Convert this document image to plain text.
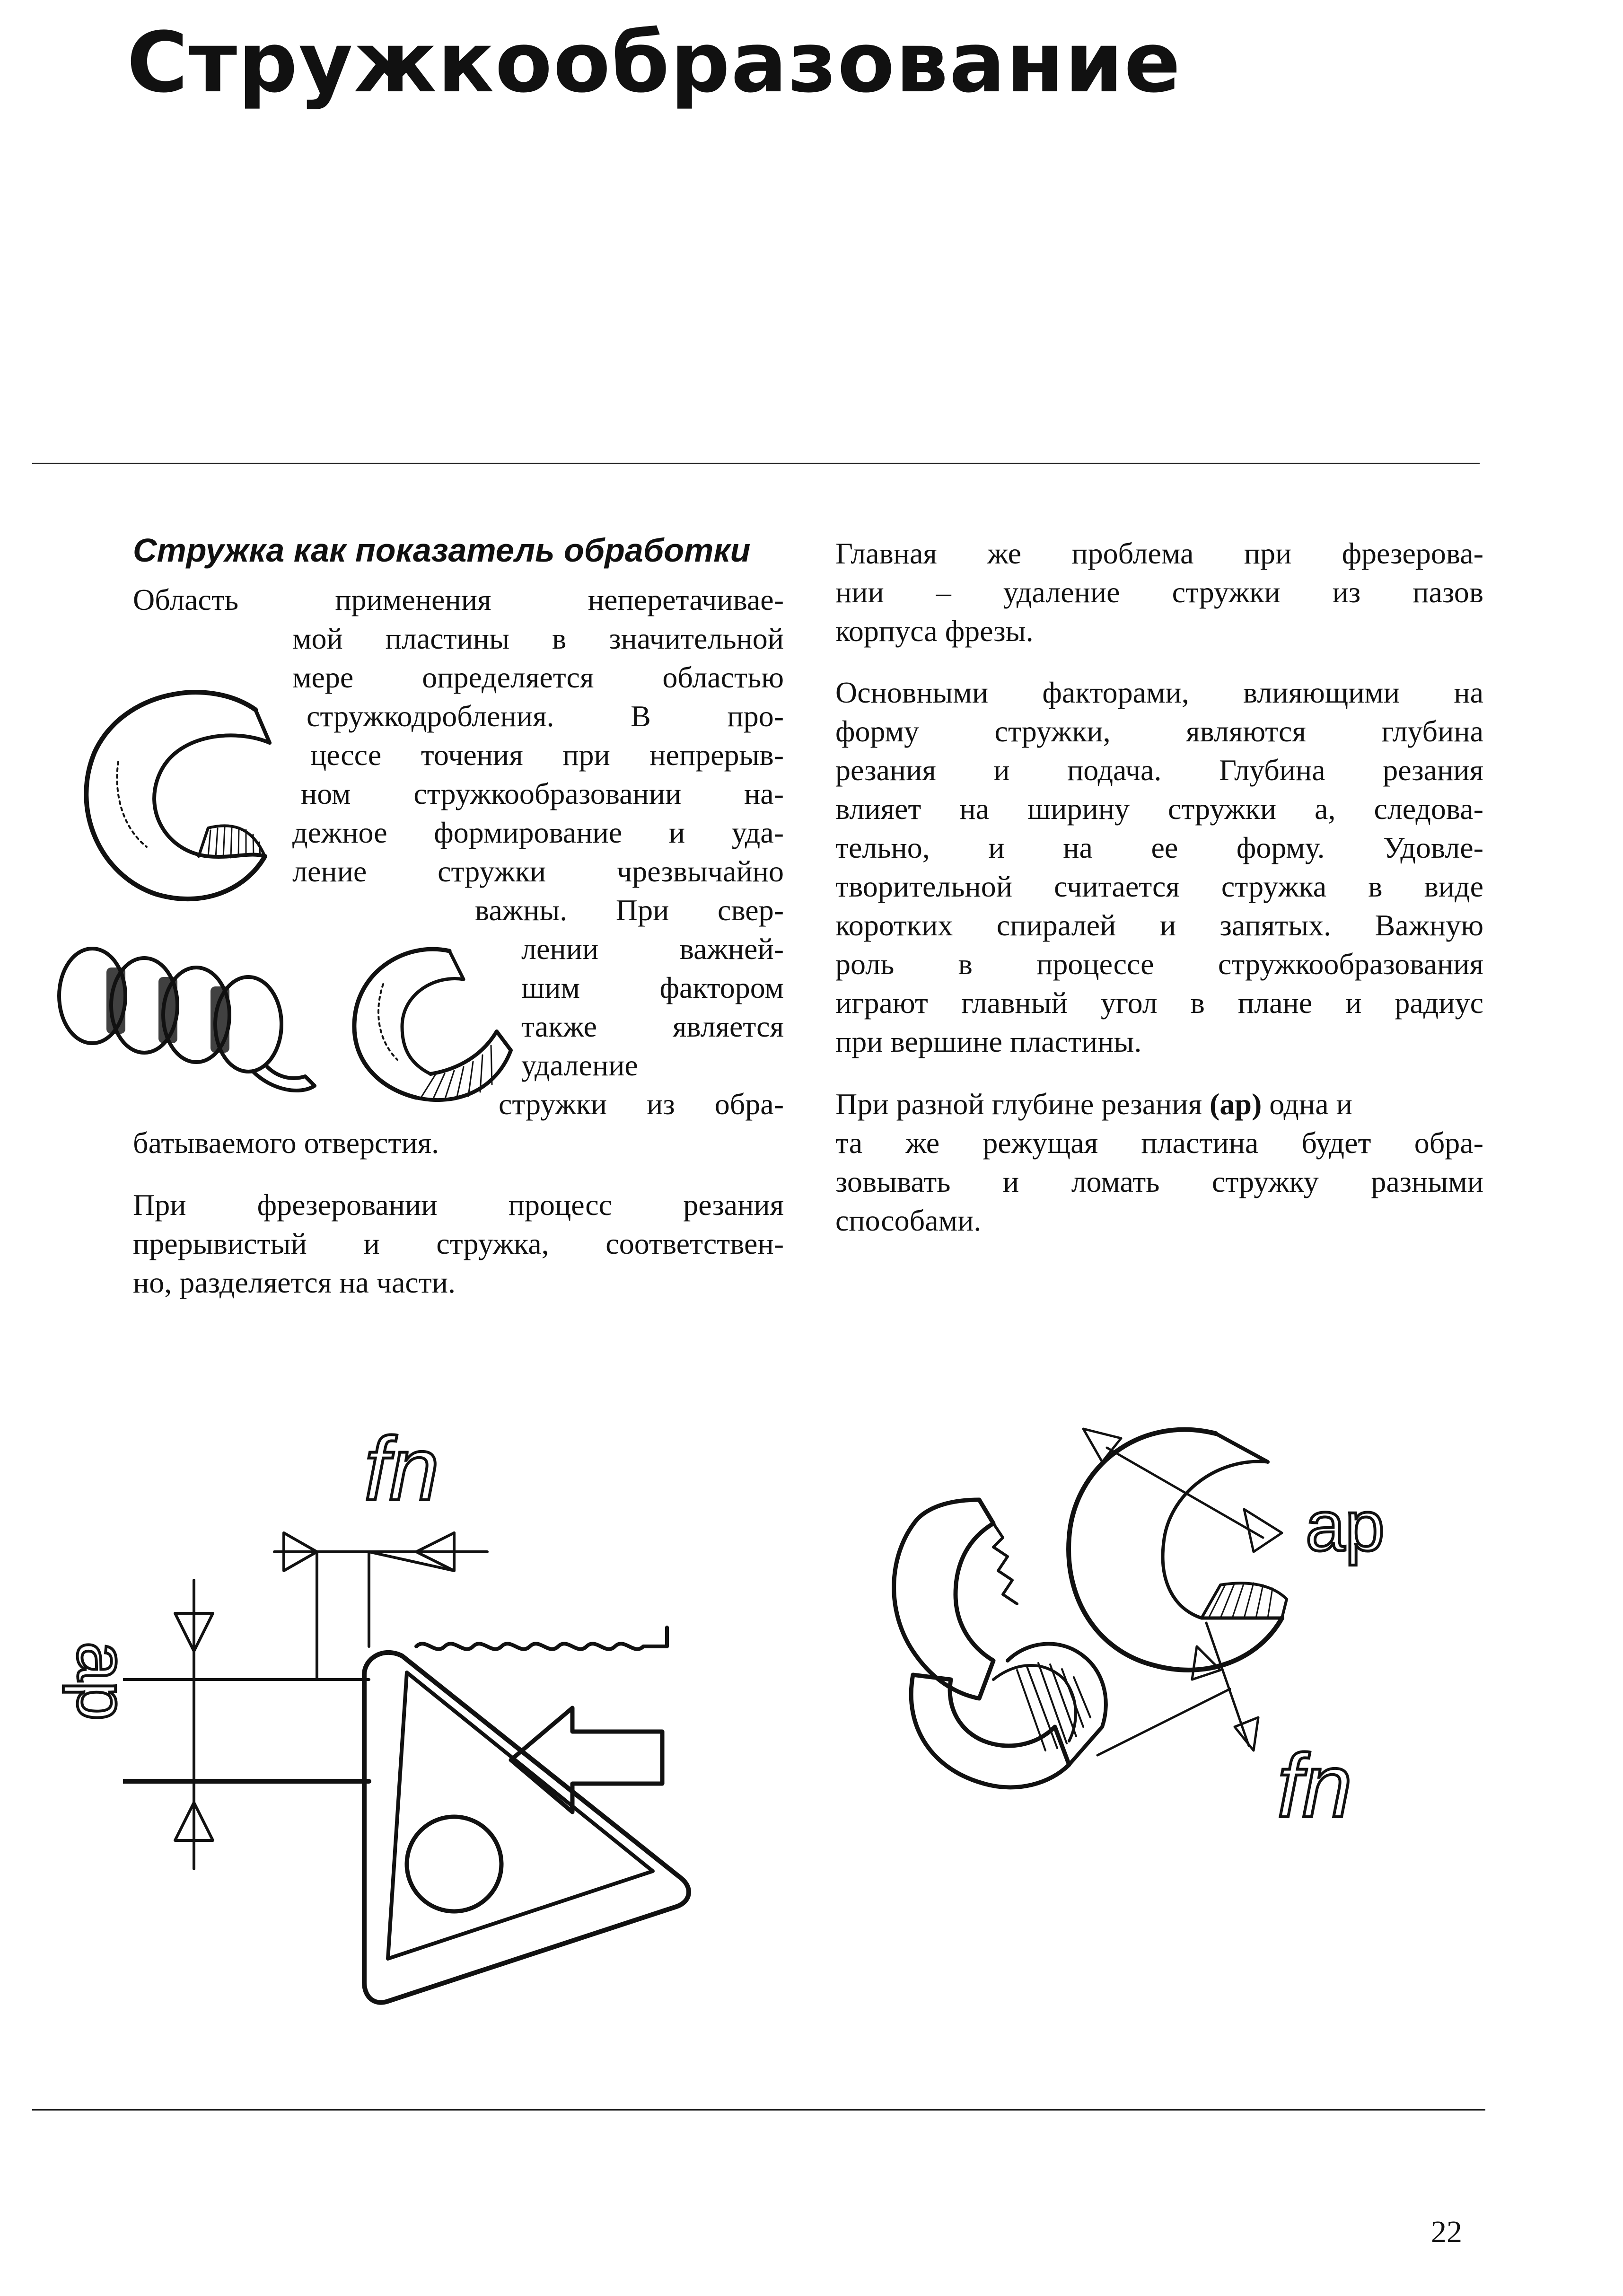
Стружкообразование
Стружка как показатель обработки
Область применения неперетачивае-
мой пластины в значительной
мере определяется областью
стружкодробления. В про-
цессе точения при непрерыв-
ном стружкообразовании на-
дежное формирование и уда-
ление стружки чрезвычайно
важны. При свер-
лении важней-
шим фактором
также является
удаление
стружки из обра-
батываемого отверстия.
При фрезеровании процесс резания
прерывистый и стружка, соответствен-
но, разделяется на части.
Главная же проблема при фрезерова-
нии – удаление стружки из пазов
корпуса фрезы.
Основными факторами, влияющими на
форму стружки, являются глубина
резания и подача. Глубина резания
влияет на ширину стружки а, следова-
тельно, и на ее форму. Удовле-
творительной считается стружка в виде
коротких спиралей и запятых. Важную
роль в процессе стружкообразования
играют главный угол в плане и радиус
при вершине пластины.
При разной глубине резания (ap) одна и
та же режущая пластина будет обра-
зовывать и ломать стружку разными
способами.
ap
fn
ap
fn
22
